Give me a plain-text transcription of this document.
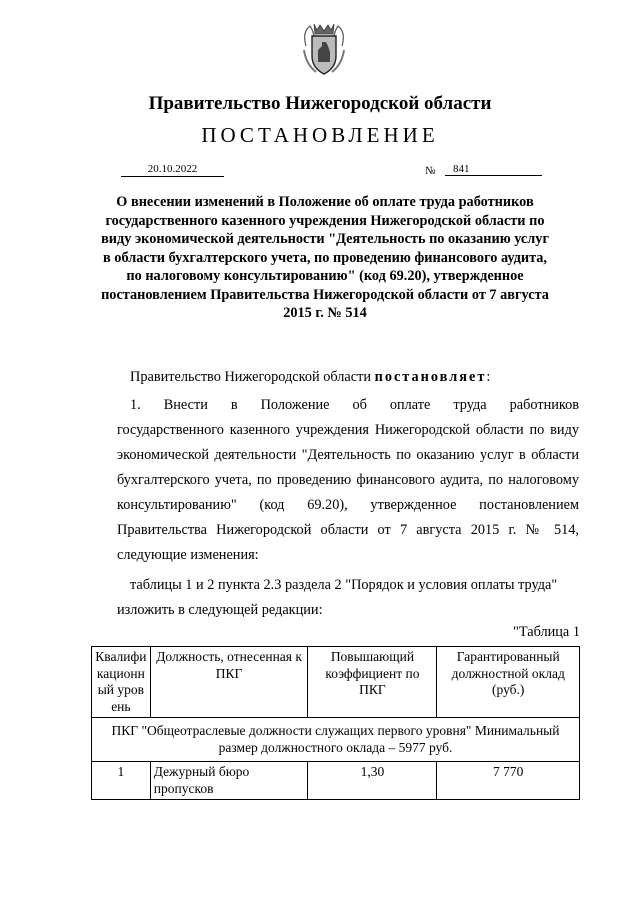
Правительство Нижегородской области
ПОСТАНОВЛЕНИЕ
20.10.2022	№	841
О внесении изменений в Положение об оплате труда работников государственного казенного учреждения Нижегородской области по виду экономической деятельности "Деятельность по оказанию услуг в области бухгалтерского учета, по проведению финансового аудита, по налоговому консультированию" (код 69.20), утвержденное постановлением Правительства Нижегородской области от 7 августа 2015 г. № 514
Правительство Нижегородской области постановляет:
1. Внести в Положение об оплате труда работников
государственного казенного учреждения Нижегородской области по виду экономической деятельности "Деятельность по оказанию услуг в области бухгалтерского учета, по проведению финансового аудита, по налоговому консультированию" (код 69.20), утвержденное постановлением Правительства Нижегородской области от 7 августа 2015 г. № 514, следующие изменения:
таблицы 1 и 2 пункта 2.3 раздела 2 "Порядок и условия оплаты труда" изложить в следующей редакции:
"Таблица 1
Квалификационный уровень	Должность, отнесенная к ПКГ	Повышающий коэффициент по ПКГ	Гарантированный должностной оклад (руб.)
ПКГ "Общеотраслевые должности служащих первого уровня" Минимальный размер должностного оклада – 5977 руб.			
1	Дежурный бюро пропусков	1,30	7 770
